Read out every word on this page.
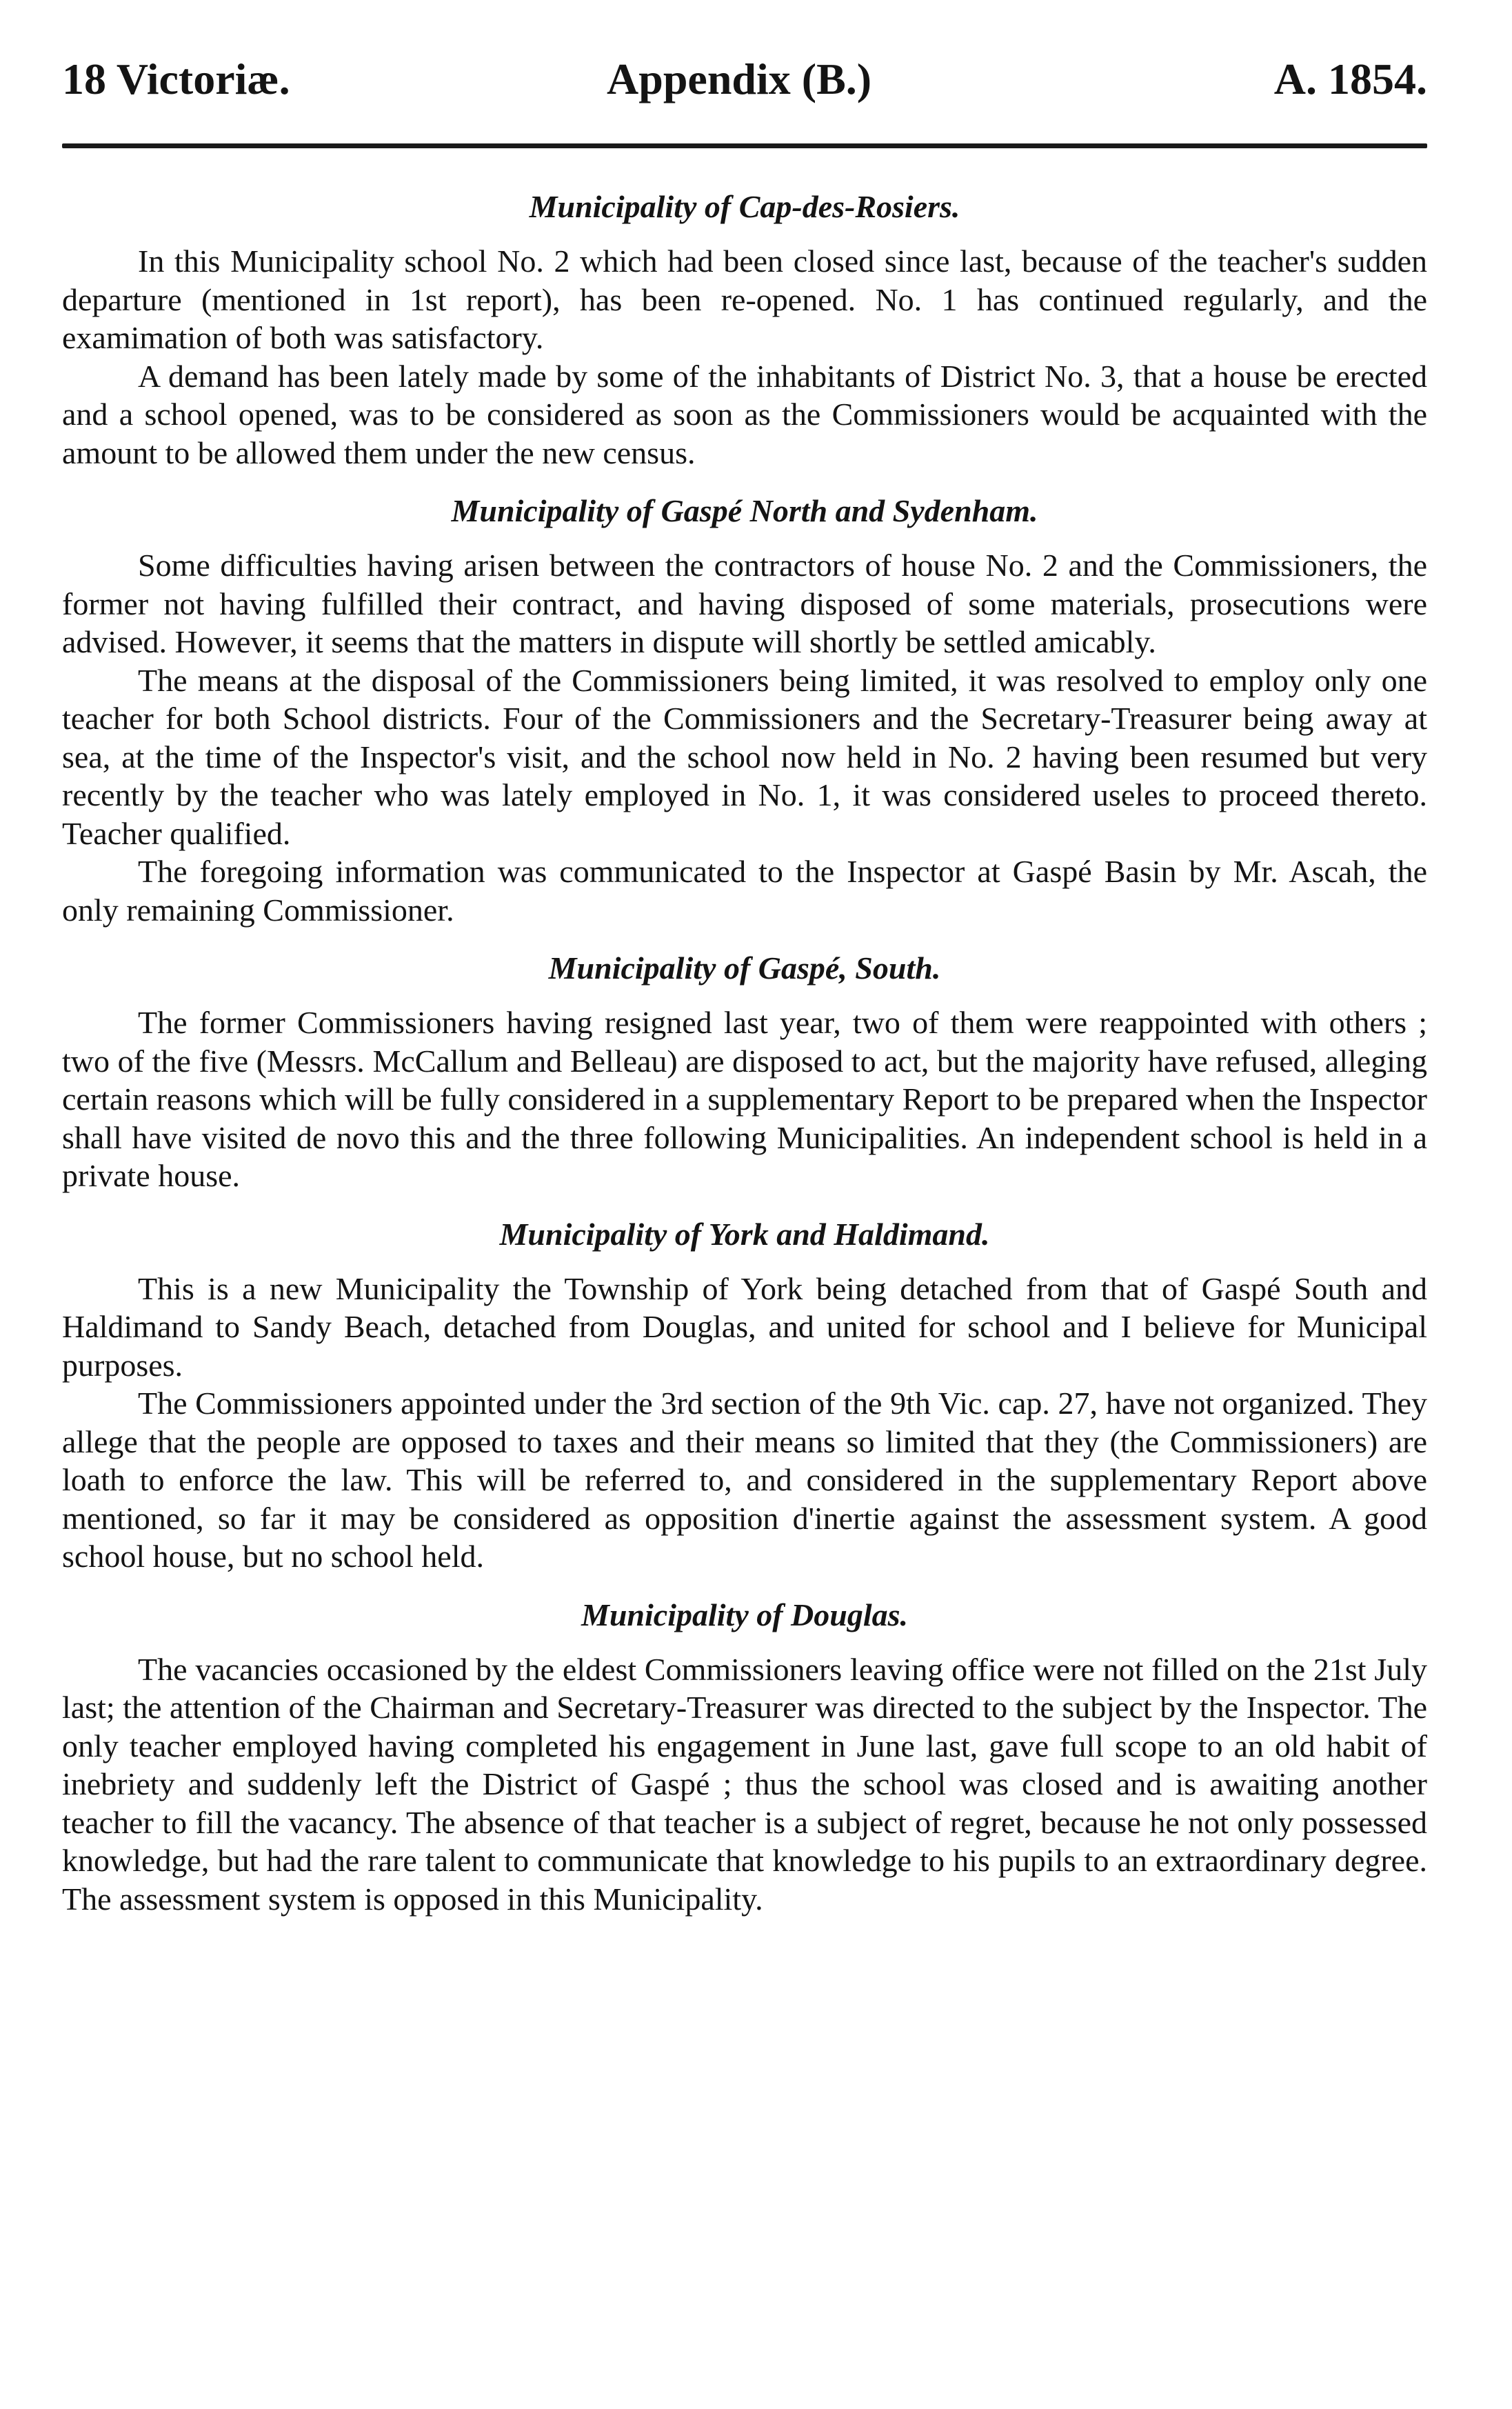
18 Victoriæ.	Appendix (B.)	A. 1854.
Municipality of Cap-des-Rosiers.

In this Municipality school No. 2 which had been closed since last, because of the teacher's sudden departure (mentioned in 1st report), has been re-opened. No. 1 has continued regularly, and the examimation of both was satisfactory.

A demand has been lately made by some of the inhabitants of District No. 3, that a house be erected and a school opened, was to be considered as soon as the Commissioners would be acquainted with the amount to be allowed them under the new census.

Municipality of Gaspé North and Sydenham.

Some difficulties having arisen between the contractors of house No. 2 and the Commissioners, the former not having fulfilled their contract, and having disposed of some materials, prosecutions were advised. However, it seems that the matters in dispute will shortly be settled amicably.

The means at the disposal of the Commissioners being limited, it was resolved to employ only one teacher for both School districts. Four of the Commissioners and the Secretary-Treasurer being away at sea, at the time of the Inspector's visit, and the school now held in No. 2 having been resumed but very recently by the teacher who was lately employed in No. 1, it was considered useles to proceed thereto. Teacher qualified.

The foregoing information was communicated to the Inspector at Gaspé Basin by Mr. Ascah, the only remaining Commissioner.

Municipality of Gaspé, South.

The former Commissioners having resigned last year, two of them were reappointed with others ; two of the five (Messrs. McCallum and Belleau) are disposed to act, but the majority have refused, alleging certain reasons which will be fully considered in a supplementary Report to be prepared when the Inspector shall have visited de novo this and the three following Municipalities. An independent school is held in a private house.

Municipality of York and Haldimand.

This is a new Municipality the Township of York being detached from that of Gaspé South and Haldimand to Sandy Beach, detached from Douglas, and united for school and I believe for Municipal purposes.

The Commissioners appointed under the 3rd section of the 9th Vic. cap. 27, have not organized. They allege that the people are opposed to taxes and their means so limited that they (the Commissioners) are loath to enforce the law. This will be referred to, and considered in the supplementary Report above mentioned, so far it may be considered as opposition d'inertie against the assessment system. A good school house, but no school held.

Municipality of Douglas.

The vacancies occasioned by the eldest Commissioners leaving office were not filled on the 21st July last; the attention of the Chairman and Secretary-Treasurer was directed to the subject by the Inspector. The only teacher employed having completed his engagement in June last, gave full scope to an old habit of inebriety and suddenly left the District of Gaspé ; thus the school was closed and is awaiting another teacher to fill the vacancy. The absence of that teacher is a subject of regret, because he not only possessed knowledge, but had the rare talent to communicate that knowledge to his pupils to an extraordinary degree. The assessment system is opposed in this Municipality.
